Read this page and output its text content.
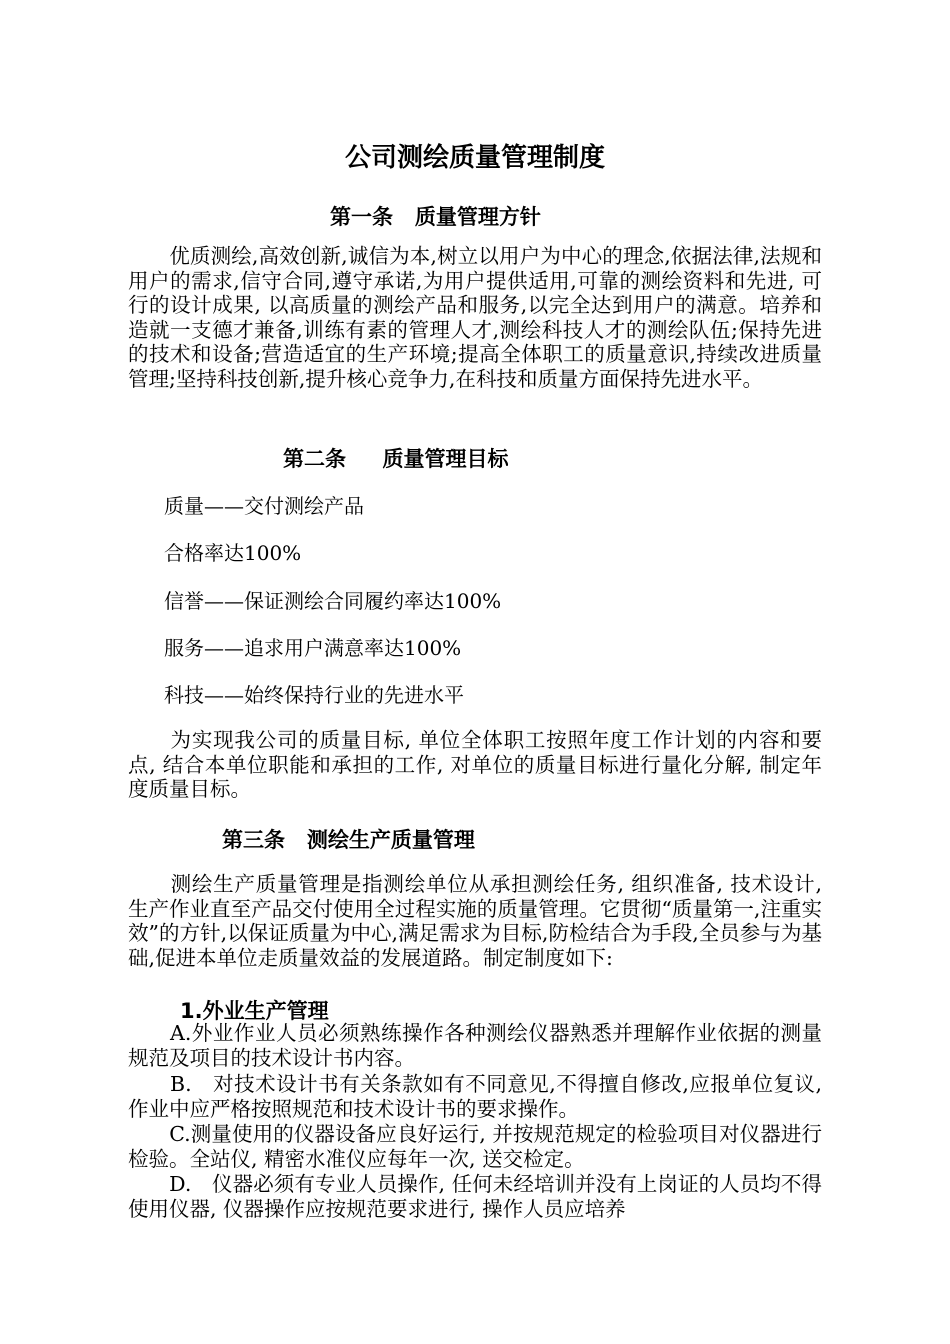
公司测绘质量管理制度
第一条   质量管理方针
　　优质测绘,高效创新,诚信为本,树立以用户为中心的理念,依据法律,法规和用户的需求,信守合同,遵守承诺,为用户提供适用,可靠的测绘资料和先进, 可行的设计成果, 以高质量的测绘产品和服务,以完全达到用户的满意。培养和造就一支德才兼备,训练有素的管理人才,测绘科技人才的测绘队伍;保持先进的技术和设备;营造适宜的生产环境;提高全体职工的质量意识,持续改进质量管理;坚持科技创新,提升核心竞争力,在科技和质量方面保持先进水平。
第二条     质量管理目标
质量——交付测绘产品
合格率达100%
信誉——保证测绘合同履约率达100%
服务——追求用户满意率达100%
科技——始终保持行业的先进水平
　　为实现我公司的质量目标, 单位全体职工按照年度工作计划的内容和要点, 结合本单位职能和承担的工作, 对单位的质量目标进行量化分解, 制定年度质量目标。
第三条   测绘生产质量管理
　　测绘生产质量管理是指测绘单位从承担测绘任务, 组织准备, 技术设计, 生产作业直至产品交付使用全过程实施的质量管理。它贯彻“质量第一,注重实效”的方针,以保证质量为中心,满足需求为目标,防检结合为手段,全员参与为基础,促进本单位走质量效益的发展道路。制定制度如下:
1.外业生产管理
　　A.外业作业人员必须熟练操作各种测绘仪器熟悉并理解作业依据的测量规范及项目的技术设计书内容。
　　B.　对技术设计书有关条款如有不同意见,不得擅自修改,应报单位复议, 作业中应严格按照规范和技术设计书的要求操作。
　　C.测量使用的仪器设备应良好运行, 并按规范规定的检验项目对仪器进行检验。全站仪, 精密水准仪应每年一次, 送交检定。
　　D.　仪器必须有专业人员操作, 任何未经培训并没有上岗证的人员均不得使用仪器, 仪器操作应按规范要求进行, 操作人员应培养
